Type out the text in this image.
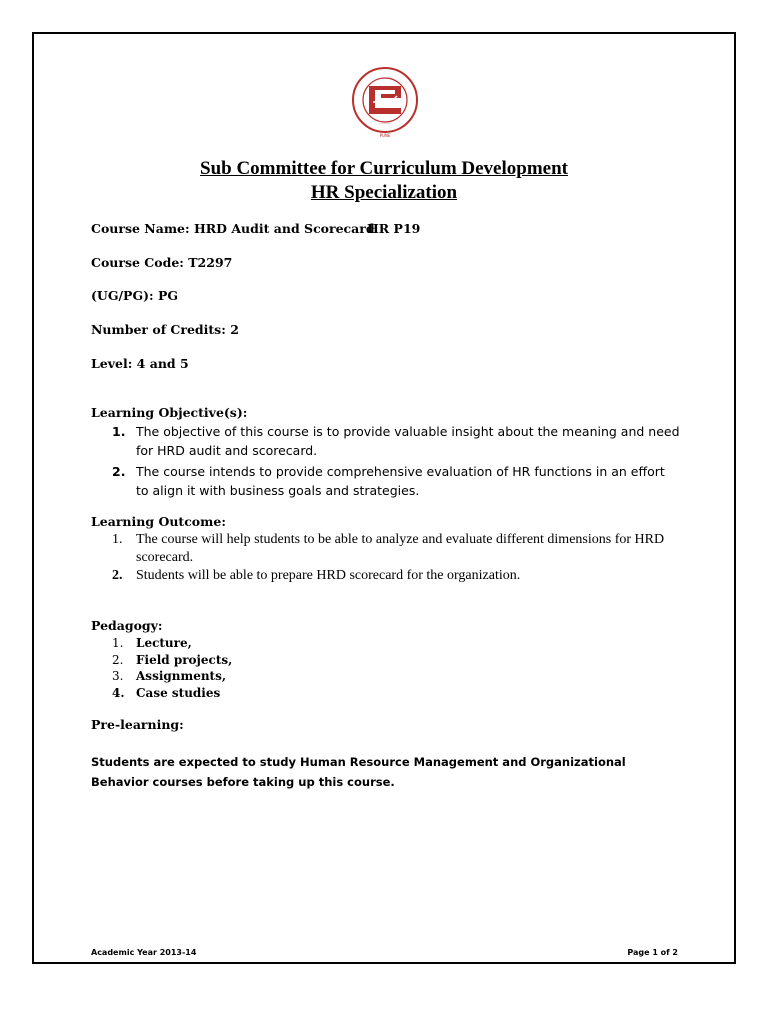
~~~~~
PUNE
Sub Committee for Curriculum Development
HR Specialization
Course Name: HRD Audit and Scorecard
HR P19
Course Code: T2297
(UG/PG): PG
Number of Credits: 2
Level: 4 and 5
Learning Objective(s):
1. The objective of this course is to provide valuable insight about the meaning and need for HRD audit and scorecard.
2. The course intends to provide comprehensive evaluation of HR functions in an effort to align it with business goals and strategies.
Learning Outcome:
1. The course will help students to be able to analyze and evaluate different dimensions for HRD scorecard.
2. Students will be able to prepare HRD scorecard for the organization.
Pedagogy:
1. Lecture,
2. Field projects,
3. Assignments,
4. Case studies
Pre-learning:
Students are expected to study Human Resource Management and Organizational Behavior courses before taking up this course.
Academic Year 2013-14	Page 1 of 2
